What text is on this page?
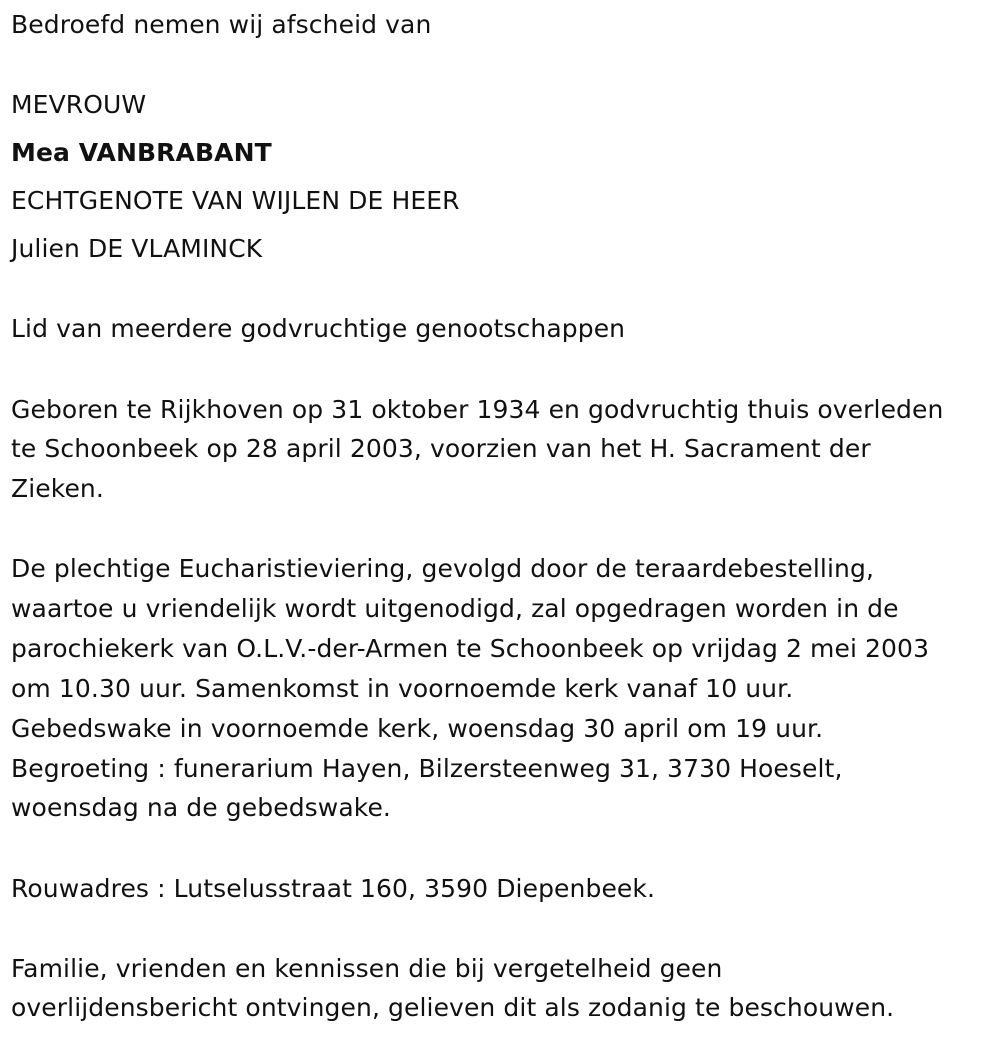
Bedroefd nemen wij afscheid van

MEVROUW

Mea VANBRABANT

ECHTGENOTE VAN WIJLEN DE HEER

Julien DE VLAMINCK

Lid van meerdere godvruchtige genootschappen

Geboren te Rijkhoven op 31 oktober 1934 en godvruchtig thuis overleden

te Schoonbeek op 28 april 2003, voorzien van het H. Sacrament der

Zieken.

De plechtige Eucharistieviering, gevolgd door de teraardebestelling,

waartoe u vriendelijk wordt uitgenodigd, zal opgedragen worden in de

parochiekerk van O.L.V.-der-Armen te Schoonbeek op vrijdag 2 mei 2003

om 10.30 uur. Samenkomst in voornoemde kerk vanaf 10 uur.

Gebedswake in voornoemde kerk, woensdag 30 april om 19 uur.

Begroeting : funerarium Hayen, Bilzersteenweg 31, 3730 Hoeselt,

woensdag na de gebedswake.

Rouwadres : Lutselusstraat 160, 3590 Diepenbeek.

Familie, vrienden en kennissen die bij vergetelheid geen

overlijdensbericht ontvingen, gelieven dit als zodanig te beschouwen.
